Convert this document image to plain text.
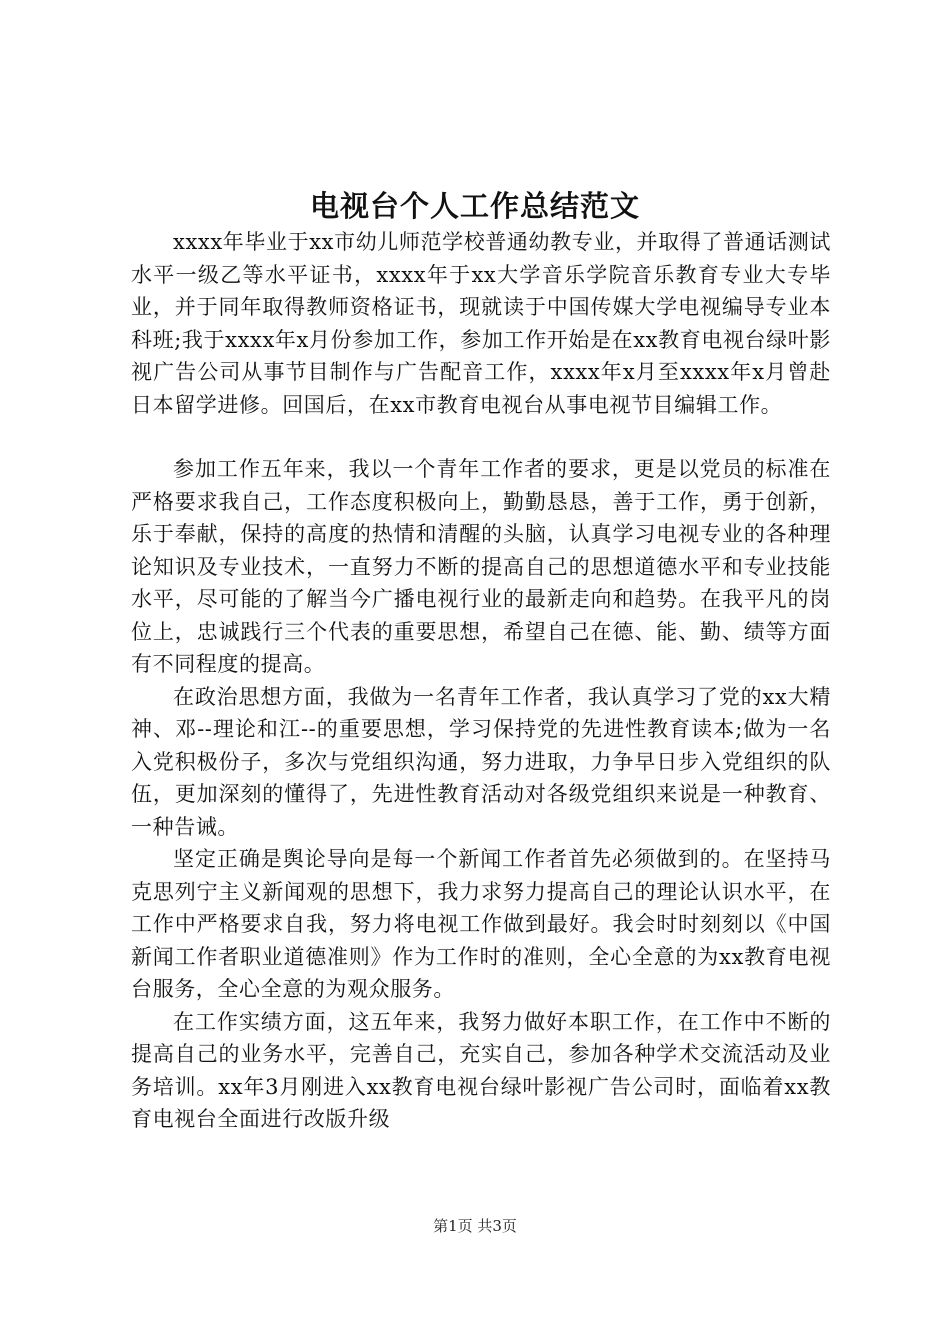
电视台个人工作总结范文

xxxx年毕业于xx市幼儿师范学校普通幼教专业，并取得了普通话测试水平一级乙等水平证书，xxxx年于xx大学音乐学院音乐教育专业大专毕业，并于同年取得教师资格证书，现就读于中国传媒大学电视编导专业本科班;我于xxxx年x月份参加工作，参加工作开始是在xx教育电视台绿叶影视广告公司从事节目制作与广告配音工作，xxxx年x月至xxxx年x月曾赴日本留学进修。回国后，在xx市教育电视台从事电视节目编辑工作。

参加工作五年来，我以一个青年工作者的要求，更是以党员的标准在严格要求我自己，工作态度积极向上，勤勤恳恳，善于工作，勇于创新，乐于奉献，保持的高度的热情和清醒的头脑，认真学习电视专业的各种理论知识及专业技术，一直努力不断的提高自己的思想道德水平和专业技能水平，尽可能的了解当今广播电视行业的最新走向和趋势。在我平凡的岗位上，忠诚践行三个代表的重要思想，希望自己在德、能、勤、绩等方面有不同程度的提高。

在政治思想方面，我做为一名青年工作者，我认真学习了党的xx大精神、邓--理论和江--的重要思想，学习保持党的先进性教育读本;做为一名入党积极份子，多次与党组织沟通，努力进取，力争早日步入党组织的队伍，更加深刻的懂得了，先进性教育活动对各级党组织来说是一种教育、一种告诫。

坚定正确是舆论导向是每一个新闻工作者首先必须做到的。在坚持马克思列宁主义新闻观的思想下，我力求努力提高自己的理论认识水平，在工作中严格要求自我，努力将电视工作做到最好。我会时时刻刻以《中国新闻工作者职业道德准则》作为工作时的准则，全心全意的为xx教育电视台服务，全心全意的为观众服务。

在工作实绩方面，这五年来，我努力做好本职工作，在工作中不断的提高自己的业务水平，完善自己，充实自己，参加各种学术交流活动及业务培训。xx年3月刚进入xx教育电视台绿叶影视广告公司时，面临着xx教育电视台全面进行改版升级

第1页 共3页
